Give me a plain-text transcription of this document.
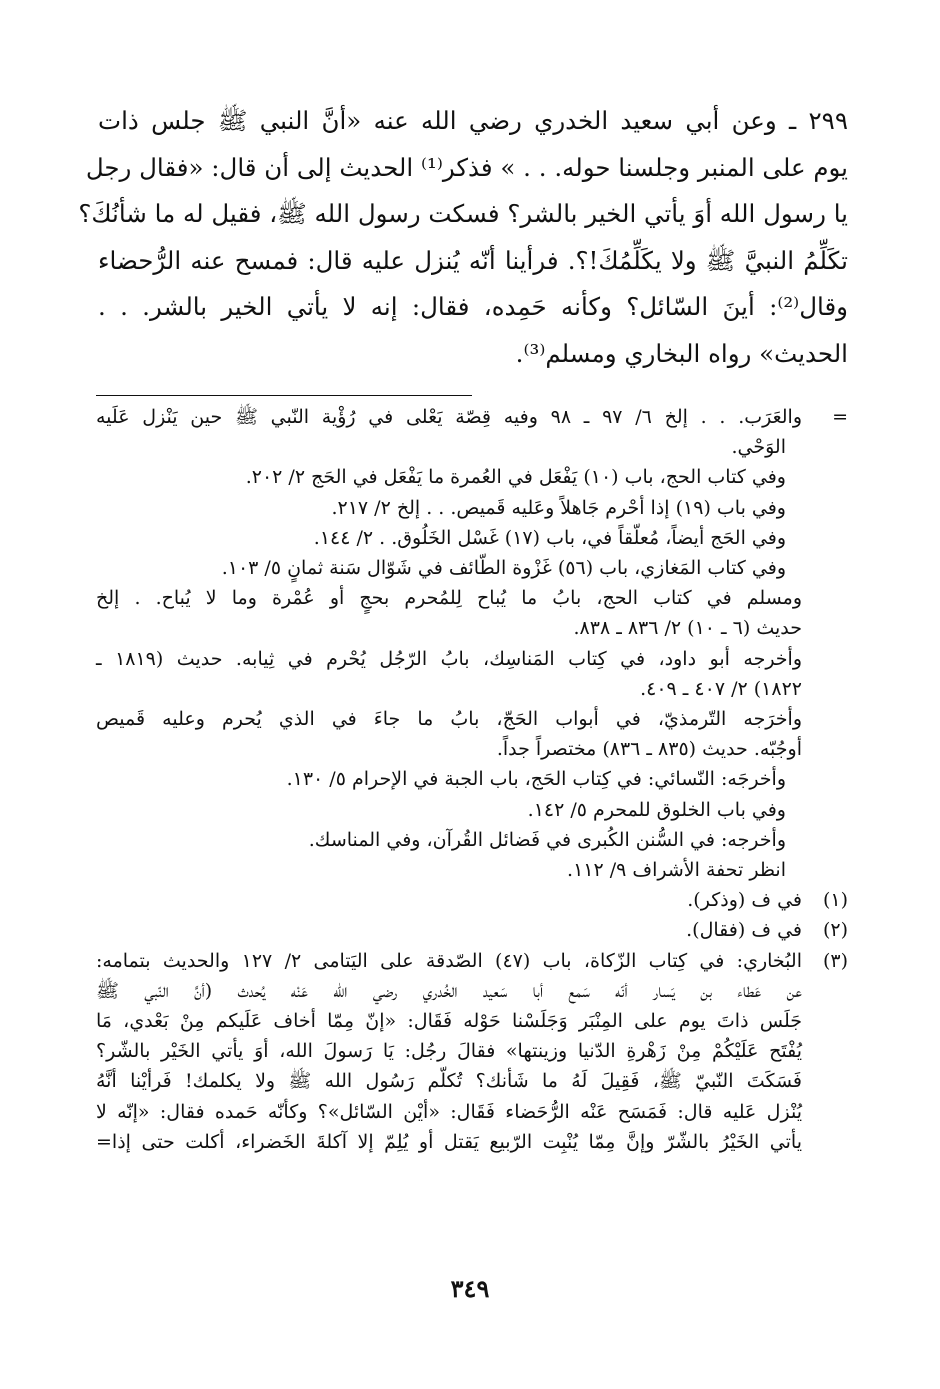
٢٩٩ ـ وعن أبي سعيد الخدري رضي الله عنه «أنَّ النبي ﷺ جلس ذات
يوم على المنبر وجلسنا حوله. . . » فذكر⁽¹⁾ الحديث إلى أن قال: «فقال رجل
يا رسول الله أوَ يأتي الخير بالشر؟ فسكت رسول الله ﷺ، فقيل له ما شأنُكَ؟
تكَلِّمُ النبيَّ ﷺ ولا يكَلِّمُكَ!؟. فرأينا أنّه يُنزل عليه قال: فمسح عنه الرُّحضاء
وقال⁽²⁾: أينَ السّائل؟ وكأنه حَمِده، فقال: إنه لا يأتي الخير بالشر. . .
الحديث» رواه البخاري ومسلم⁽³⁾.
=
والعَرَب. . . إلخ ٦/ ٩٧ ـ ٩٨ وفيه قِصّة يَعْلى في رُؤْية النّبي ﷺ حين يَنْزل عَلَيه
الوَحْي.
وفي كتاب الحج، باب (١٠) يَفْعَل في العُمرة ما يَفْعَل في الحَج ٢/ ٢٠٢.
وفي باب (١٩) إذا أحْرم جَاهلاً وعَليه قَميص. . . إلخ ٢/ ٢١٧.
وفي الحَج أيضاً، مُعلّقاً في، باب (١٧) غَسْل الخَلُوق. . ٢/ ١٤٤.
وفي كتاب المَغازي، باب (٥٦) غَزْوة الطّائف في شَوّال سَنة ثمانٍ ٥/ ١٠٣.
ومسلم في كتاب الحج، بابُ ما يُباح لِلمُحرم بحجٍ أو عُمْرة وما لا يُباح. . إلخ
حديث (٦ ـ ١٠) ٢/ ٨٣٦ ـ ٨٣٨.
وأخرجه أبو داود، في كِتاب المَناسِك، بابُ الرّجُل يُحْرم في ثِيابه. حديث (١٨١٩ ـ
١٨٢٢) ٢/ ٤٠٧ ـ ٤٠٩.
وأخرَجه التّرمذيّ، في أبواب الحَجّ، بابُ ما جاءَ في الذي يُحرم وعليه قَميص
أوجُبّه. حديث (٨٣٥ ـ ٨٣٦) مختصراً جداً.
وأخرجَه: النّسائي: في كِتاب الحَج، باب الجبة في الإحرام ٥/ ١٣٠.
وفي باب الخلوق للمحرم ٥/ ١٤٢.
وأخرجه: في السُّنن الكُبرى في فَضائل القُرآن، وفي المناسك.
انظر تحفة الأشراف ٩/ ١١٢.
(١)
في ف (وذكر).
(٢)
في ف (فقال).
(٣)
البُخاري: في كِتاب الزّكاة، باب (٤٧) الصّدقة على اليَتامى ٢/ ١٢٧ والحديث بتمامه:
عن عَطاء بن يَسار أنّه سَمع أبا سَعيد الخُدري رضي الله عَنْه يُحدث (أنَّ النّبي ﷺ
جَلَس ذاتَ يوم على المِنْبَر وَجَلَسْنا حَوْله فَقَال: «إنّ مِمّا أخاف عَلَيكم مِنْ بَعْدي، مَا
يُفْتَح عَلَيْكُمْ مِنْ زَهْرةِ الدّنيا وزينتها» فقالَ رجُل: يَا رَسولَ الله، أوَ يأتي الخَيْر بالشّر؟
فَسَكَتَ النّبيّ ﷺ، فَقِيلَ لَهُ ما شَأنك؟ تُكلّم رَسُول الله ﷺ ولا يكلمك! فَرأيْنا أنَّهُ
يُنْزل عَليه قال: فَمَسَح عَنْه الرُّحَضاء فَقَال: «أيْن السّائل»؟ وكأنّه حَمده فقال: «إنّه لا
يأتي الخَيْرُ بالشّرّ وإنَّ مِمّا يُنْبِت الرّبيع يَقتل أو يُلِمّ إلا آكلةَ الخَضراء، أكلت حتى إذا=
٣٤٩
